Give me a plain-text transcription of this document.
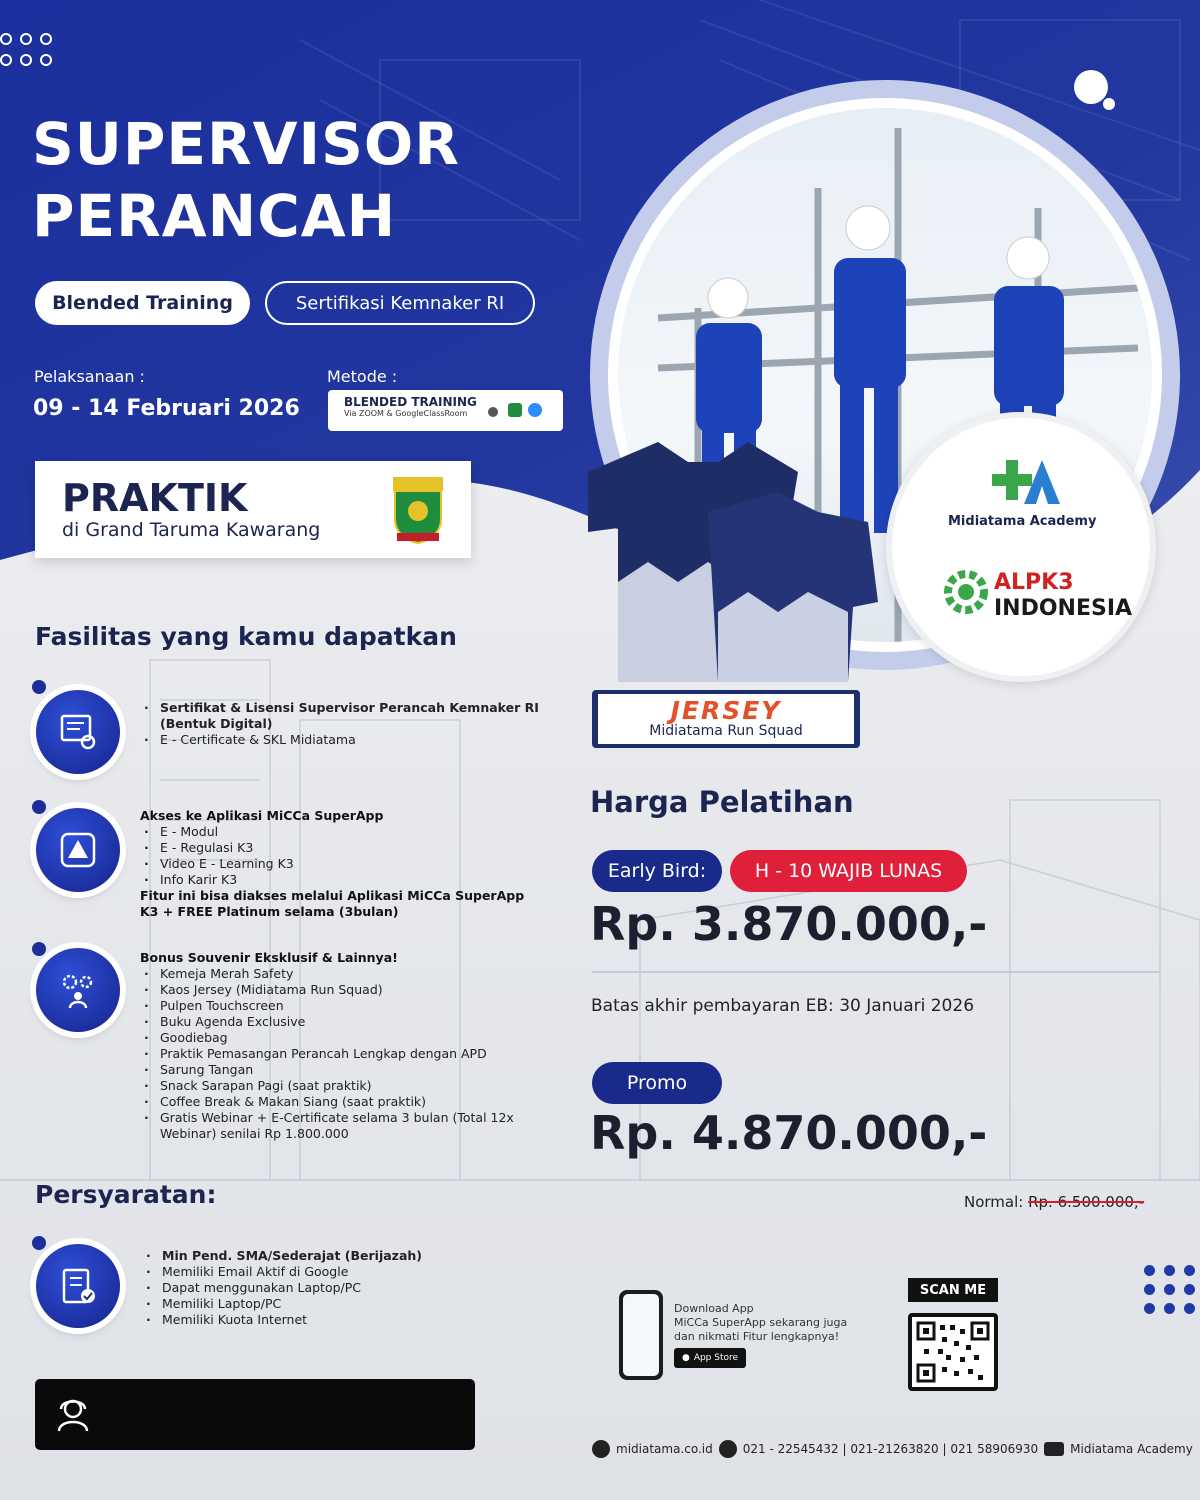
SUPERVISOR
PERANCAH
Blended Training	Sertifikasi Kemnaker RI
Pelaksanaan :
09 - 14 Februari 2026
Metode :
BLENDED TRAINING
Via ZOOM & GoogleClassRoom
PRAKTIK
di Grand Taruma Kawarang
JERSEY
Midiatama Run Squad
Midiatama Academy
ALPK3
INDONESIA
Fasilitas yang kamu dapatkan
· Sertifikat & Lisensi Supervisor Perancah Kemnaker RI (Bentuk Digital)
· E - Certificate & SKL Midiatama
Akses ke Aplikasi MiCCa SuperApp
· E - Modul
· E - Regulasi K3
· Video E - Learning K3
· Info Karir K3
Fitur ini bisa diakses melalui Aplikasi MiCCa SuperApp K3 + FREE Platinum selama (3bulan)
Bonus Souvenir Eksklusif & Lainnya!
· Kemeja Merah Safety
· Kaos Jersey (Midiatama Run Squad)
· Pulpen Touchscreen
· Buku Agenda Exclusive
· Goodiebag
· Praktik Pemasangan Perancah Lengkap dengan APD
· Sarung Tangan
· Snack Sarapan Pagi (saat praktik)
· Coffee Break & Makan Siang (saat praktik)
· Gratis Webinar + E-Certificate selama 3 bulan (Total 12x Webinar) senilai Rp 1.800.000
Persyaratan:
· Min Pend. SMA/Sederajat (Berijazah)
· Memiliki Email Aktif di Google
· Dapat menggunakan Laptop/PC
· Memiliki Laptop/PC
· Memiliki Kuota Internet
Harga Pelatihan
Early Bird:	H - 10 WAJIB LUNAS
Rp. 3.870.000,-
Batas akhir pembayaran EB: 30 Januari 2026
Promo
Rp. 4.870.000,-
Normal: Rp. 6.500.000,-
Download App
MiCCa SuperApp sekarang juga
dan nikmati Fitur lengkapnya!
● App Store
SCAN ME
midiatama.co.id	021 - 22545432 | 021-21263820 | 021 58906930	Midiatama Academy
